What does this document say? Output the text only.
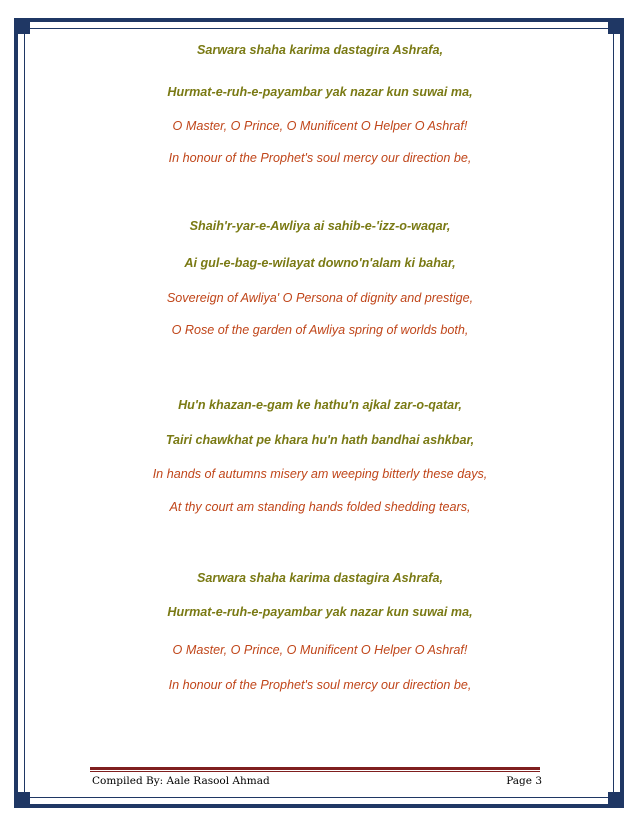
Sarwara shaha karima dastagira Ashrafa,
Hurmat-e-ruh-e-payambar yak nazar kun suwai ma,
O Master, O Prince, O Munificent O Helper O Ashraf!
In honour of the Prophet's soul mercy our direction be,
Shaih'r-yar-e-Awliya ai sahib-e-'izz-o-waqar,
Ai gul-e-bag-e-wilayat downo'n'alam ki bahar,
Sovereign of Awliya' O Persona of dignity and prestige,
O Rose of the garden of Awliya spring of worlds both,
Hu'n khazan-e-gam ke hathu'n ajkal zar-o-qatar,
Tairi chawkhat pe khara hu'n hath bandhai ashkbar,
In hands of autumns misery am weeping bitterly these days,
At thy court am standing hands folded shedding tears,
Sarwara shaha karima dastagira Ashrafa,
Hurmat-e-ruh-e-payambar yak nazar kun suwai ma,
O Master, O Prince, O Munificent O Helper O Ashraf!
In honour of the Prophet's soul mercy our direction be,
Compiled By: Aale Rasool Ahmad	Page 3
